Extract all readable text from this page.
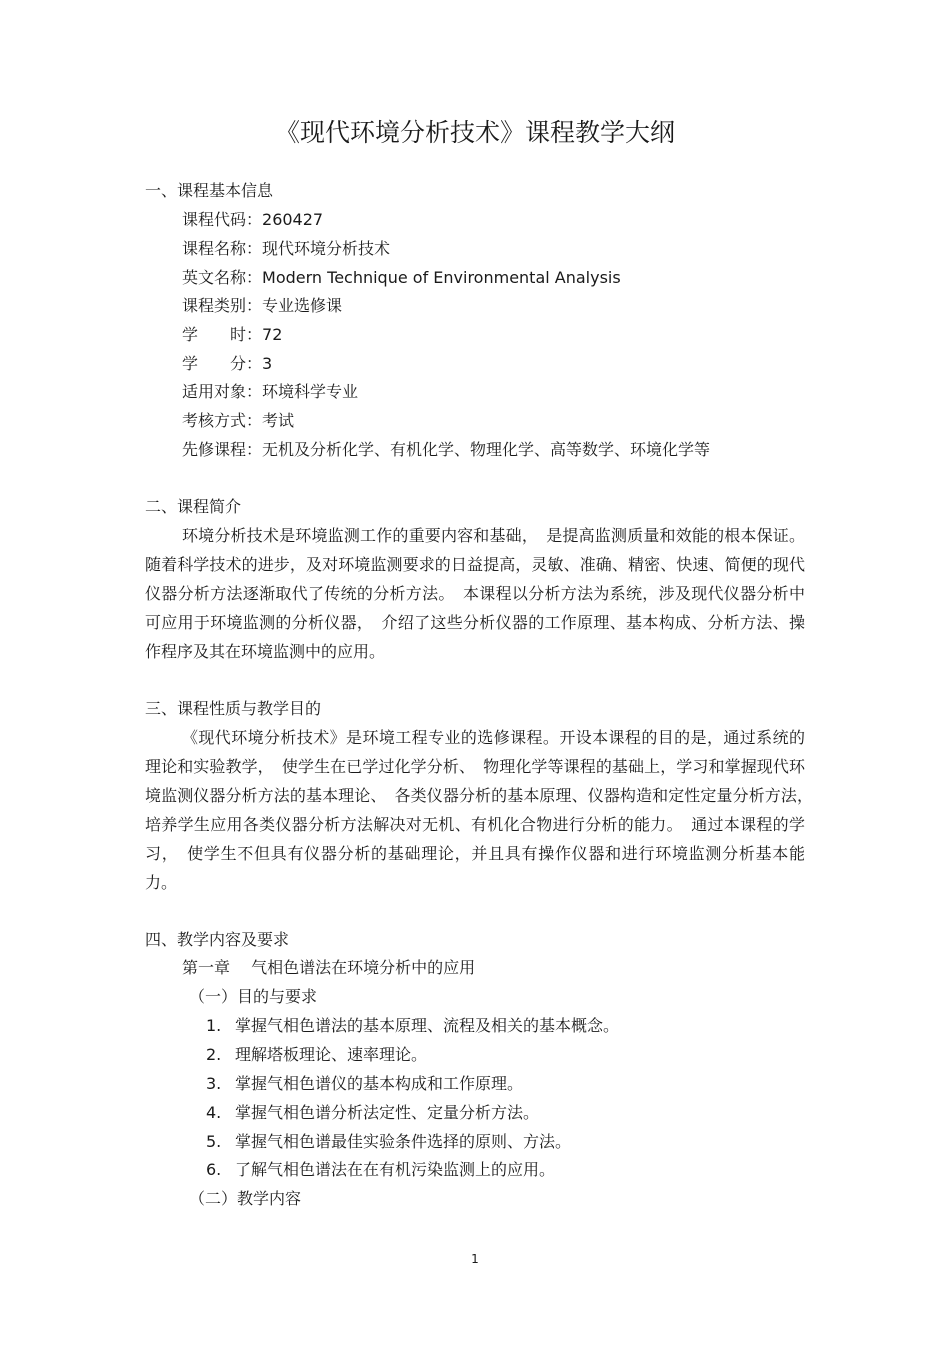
《现代环境分析技术》课程教学大纲
一、课程基本信息
课程代码：260427
课程名称：现代环境分析技术
英文名称：Modern Technique of Environmental Analysis
课程类别：专业选修课
学　　时：72
学　　分：3
适用对象：环境科学专业
考核方式：考试
先修课程：无机及分析化学、有机化学、物理化学、高等数学、环境化学等
二、课程简介
环境分析技术是环境监测工作的重要内容和基础，　是提高监测质量和效能的根本保证。随着科学技术的进步，及对环境监测要求的日益提高，灵敏、准确、精密、快速、简便的现代仪器分析方法逐渐取代了传统的分析方法。　本课程以分析方法为系统，涉及现代仪器分析中可应用于环境监测的分析仪器，　介绍了这些分析仪器的工作原理、基本构成、分析方法、操作程序及其在环境监测中的应用。
三、课程性质与教学目的
《现代环境分析技术》是环境工程专业的选修课程。开设本课程的目的是，通过系统的理论和实验教学，　使学生在已学过化学分析、　物理化学等课程的基础上，学习和掌握现代环境监测仪器分析方法的基本理论、　各类仪器分析的基本原理、仪器构造和定性定量分析方法，　培养学生应用各类仪器分析方法解决对无机、有机化合物进行分析的能力。　通过本课程的学习，　使学生不但具有仪器分析的基础理论，并且具有操作仪器和进行环境监测分析基本能力。
四、教学内容及要求
第一章　 气相色谱法在环境分析中的应用
（一）目的与要求
1. 掌握气相色谱法的基本原理、流程及相关的基本概念。
2. 理解塔板理论、速率理论。
3. 掌握气相色谱仪的基本构成和工作原理。
4. 掌握气相色谱分析法定性、定量分析方法。
5. 掌握气相色谱最佳实验条件选择的原则、方法。
6. 了解气相色谱法在在有机污染监测上的应用。
（二）教学内容
1
